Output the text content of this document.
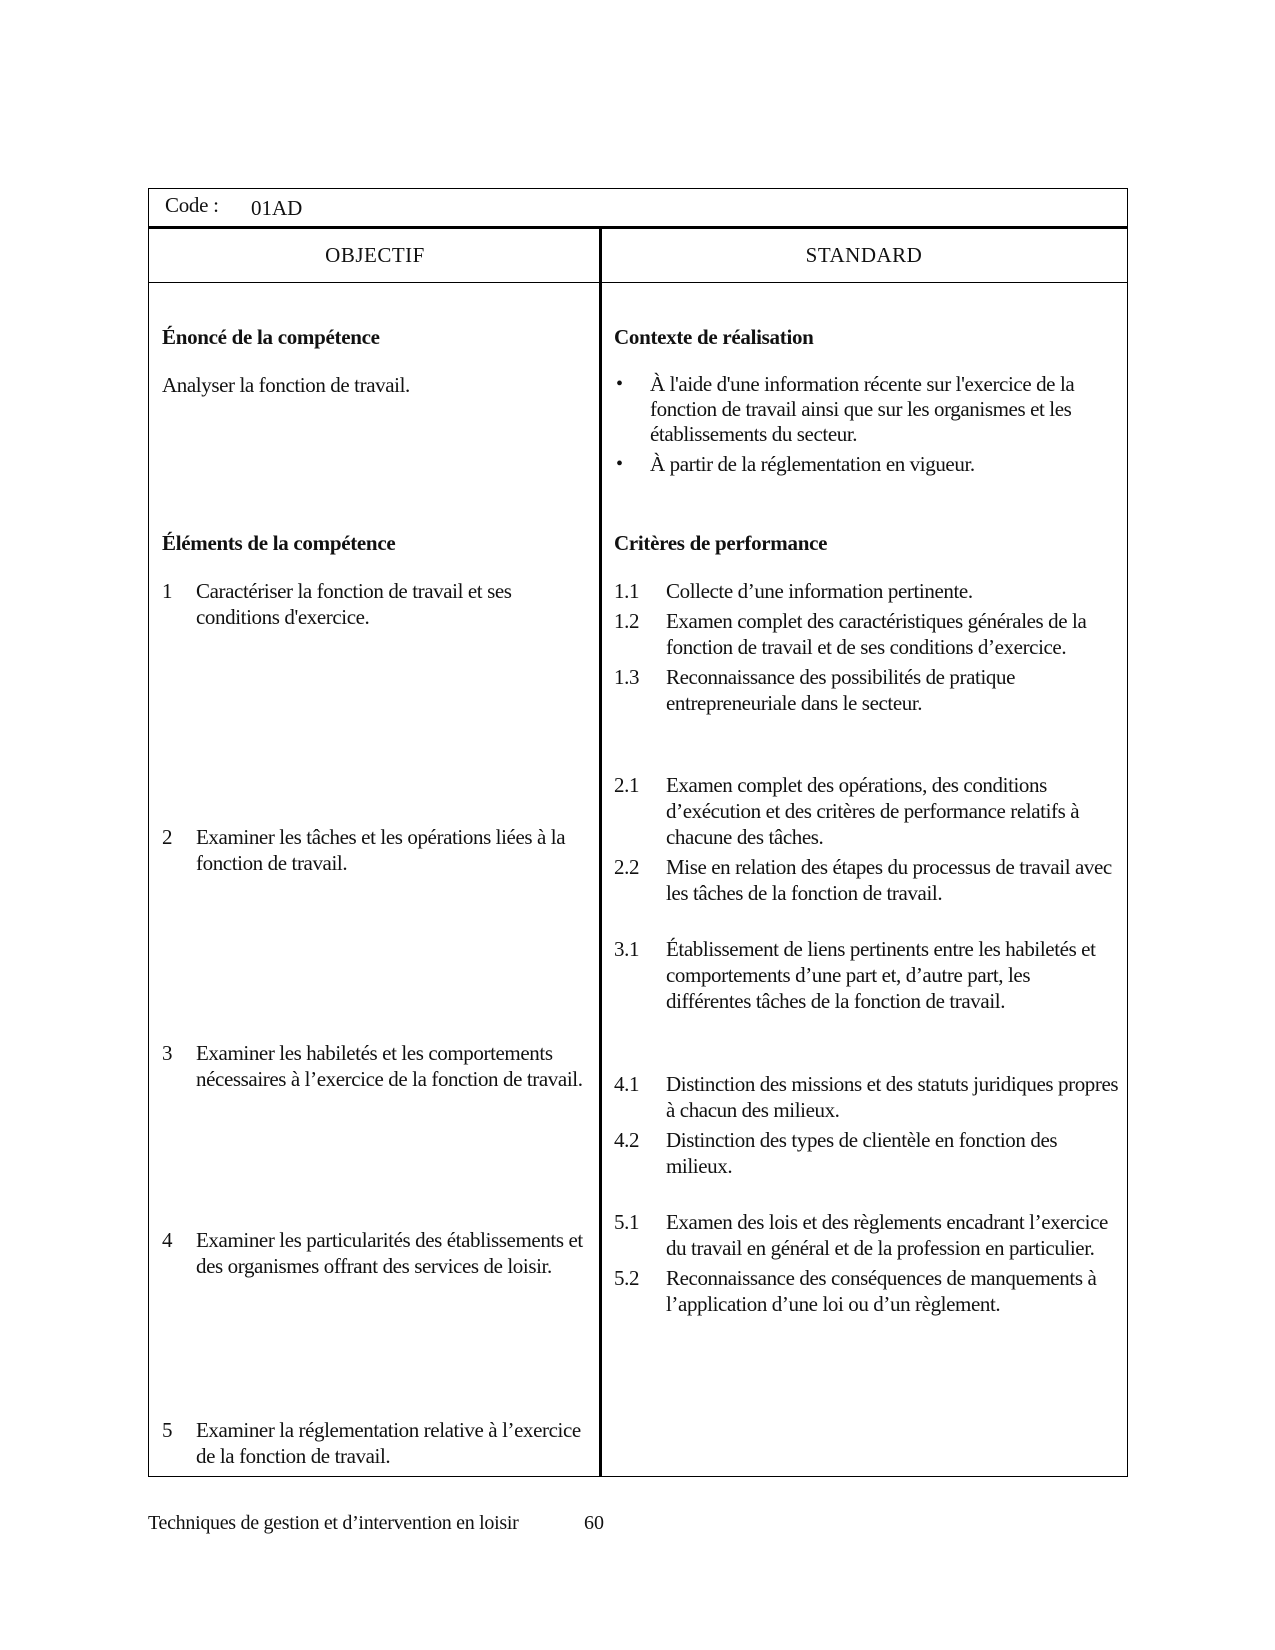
Code : 01AD
OBJECTIF	STANDARD
Énoncé de la compétence
Analyser la fonction de travail.
Éléments de la compétence
1 Caractériser la fonction de travail et ses conditions d'exercice.
2 Examiner les tâches et les opérations liées à la fonction de travail.
3 Examiner les habiletés et les comportements nécessaires à l’exercice de la fonction de travail.
4 Examiner les particularités des établissements et des organismes offrant des services de loisir.
5 Examiner la réglementation relative à l’exercice de la fonction de travail.
Contexte de réalisation
• À l'aide d'une information récente sur l'exercice de la fonction de travail ainsi que sur les organismes et les établissements du secteur.
• À partir de la réglementation en vigueur.
Critères de performance
1.1 Collecte d’une information pertinente.
1.2 Examen complet des caractéristiques générales de la fonction de travail et de ses conditions d’exercice.
1.3 Reconnaissance des possibilités de pratique entrepreneuriale dans le secteur.
2.1 Examen complet des opérations, des conditions d’exécution et des critères de performance relatifs à chacune des tâches.
2.2 Mise en relation des étapes du processus de travail avec les tâches de la fonction de travail.
3.1 Établissement de liens pertinents entre les habiletés et comportements d’une part et, d’autre part, les différentes tâches de la fonction de travail.
4.1 Distinction des missions et des statuts juridiques propres à chacun des milieux.
4.2 Distinction des types de clientèle en fonction des milieux.
5.1 Examen des lois et des règlements encadrant l’exercice du travail en général et de la profession en particulier.
5.2 Reconnaissance des conséquences de manquements à l’application d’une loi ou d’un règlement.
Techniques de gestion et d’intervention en loisir	60
